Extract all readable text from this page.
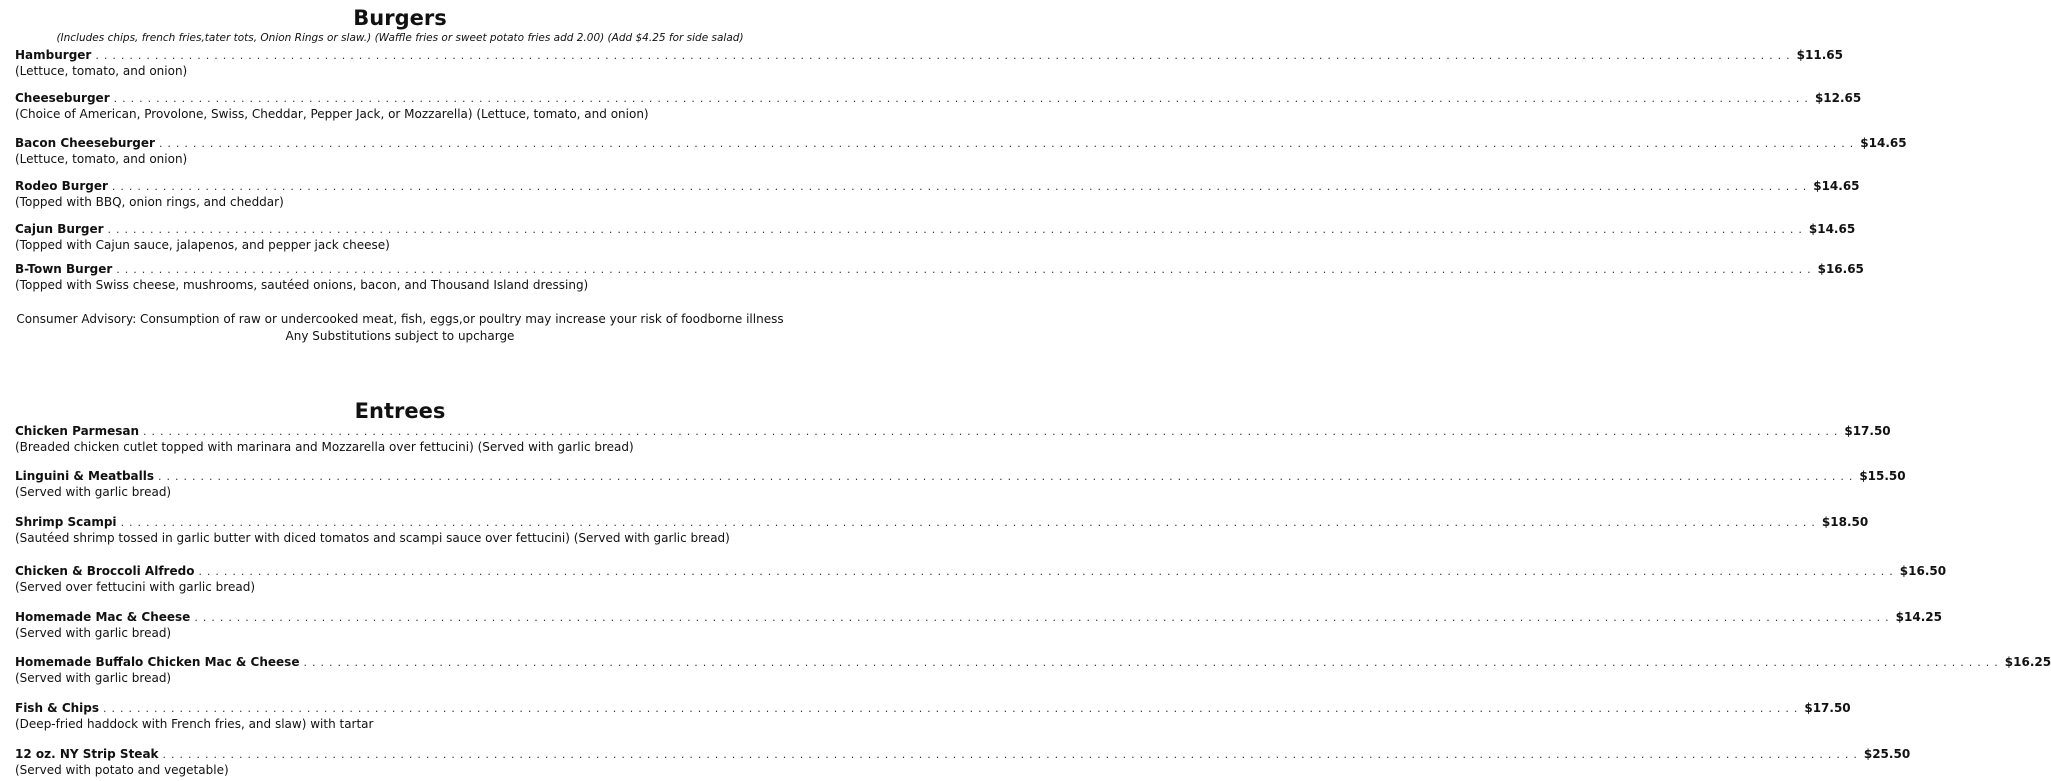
Burgers

(Includes chips, french fries,tater tots, Onion Rings or slaw.) (Waffle fries or sweet potato fries add 2.00) (Add $4.25 for side salad)

Hamburger ........................................................................................................................................................................................................ $11.65
(Lettuce, tomato, and onion)
Cheeseburger ........................................................................................................................................................................................................ $12.65
(Choice of American, Provolone, Swiss, Cheddar, Pepper Jack, or Mozzarella) (Lettuce, tomato, and onion)
Bacon Cheeseburger ........................................................................................................................................................................................................ $14.65
(Lettuce, tomato, and onion)
Rodeo Burger ........................................................................................................................................................................................................ $14.65
(Topped with BBQ, onion rings, and cheddar)
Cajun Burger ........................................................................................................................................................................................................ $14.65
(Topped with Cajun sauce, jalapenos, and pepper jack cheese)
B-Town Burger ........................................................................................................................................................................................................ $16.65
(Topped with Swiss cheese, mushrooms, sautéed onions, bacon, and Thousand Island dressing)
Consumer Advisory: Consumption of raw or undercooked meat, fish, eggs,or poultry may increase your risk of foodborne illness
Any Substitutions subject to upcharge
Entrees
Chicken Parmesan ........................................................................................................................................................................................................ $17.50
(Breaded chicken cutlet topped with marinara and Mozzarella over fettucini) (Served with garlic bread)
Linguini & Meatballs ........................................................................................................................................................................................................ $15.50
(Served with garlic bread)
Shrimp Scampi ........................................................................................................................................................................................................ $18.50
(Sautéed shrimp tossed in garlic butter with diced tomatos and scampi sauce over fettucini) (Served with garlic bread)
Chicken & Broccoli Alfredo ........................................................................................................................................................................................................ $16.50
(Served over fettucini with garlic bread)
Homemade Mac & Cheese ........................................................................................................................................................................................................ $14.25
(Served with garlic bread)
Homemade Buffalo Chicken Mac & Cheese ........................................................................................................................................................................................................ $16.25
(Served with garlic bread)
Fish & Chips ........................................................................................................................................................................................................ $17.50
(Deep-fried haddock with French fries, and slaw) with tartar
12 oz. NY Strip Steak ........................................................................................................................................................................................................ $25.50
(Served with potato and vegetable)
